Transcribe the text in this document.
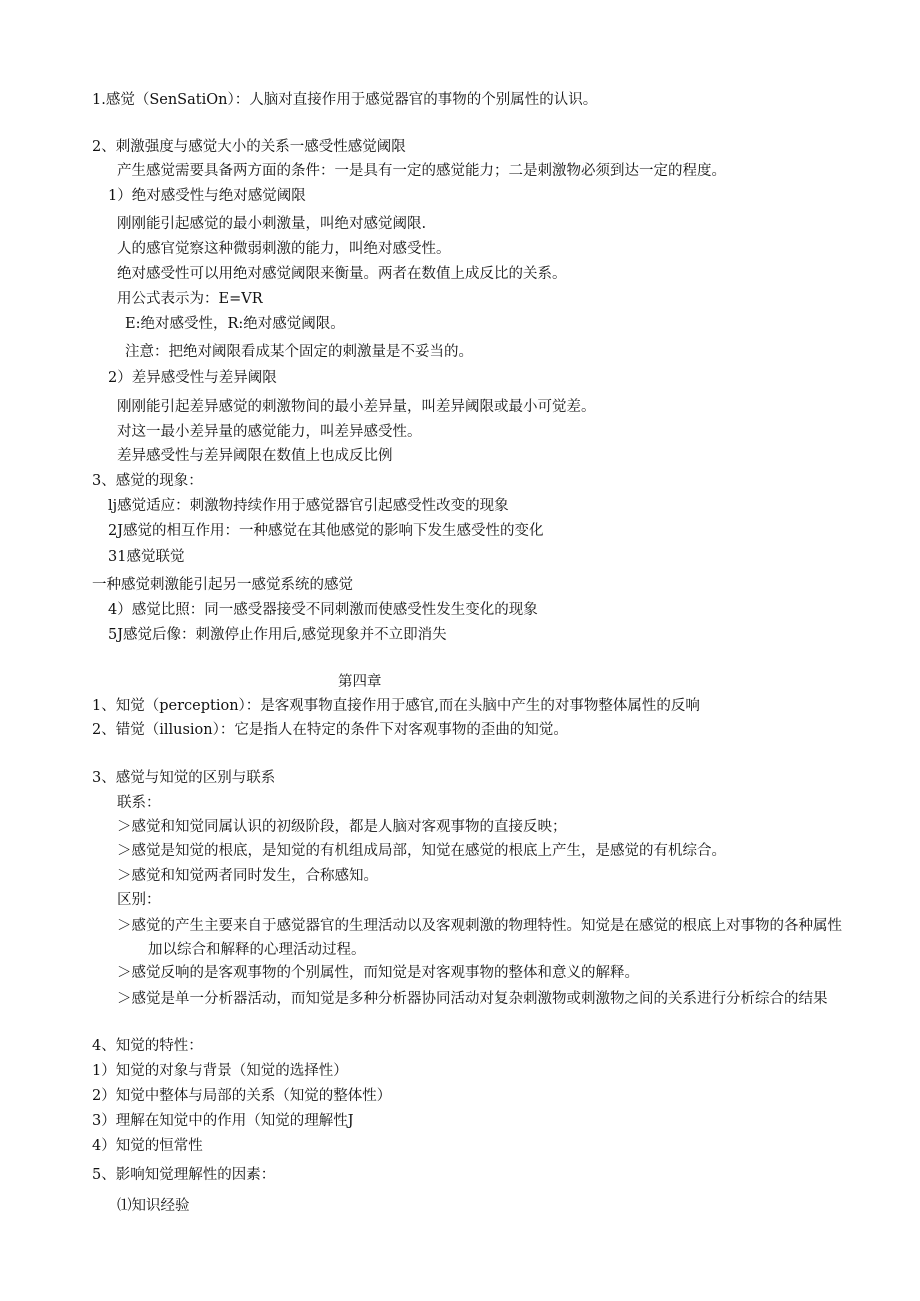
1.感觉（SenSatiOn）：人脑对直接作用于感觉器官的事物的个别属性的认识。
2、刺激强度与感觉大小的关系一感受性感觉阈限
产生感觉需要具备两方面的条件：一是具有一定的感觉能力；二是刺激物必须到达一定的程度。
1）绝对感受性与绝对感觉阈限
刚刚能引起感觉的最小刺激量，叫绝对感觉阈限.
人的感官觉察这种微弱刺激的能力，叫绝对感受性。
绝对感受性可以用绝对感觉阈限来衡量。两者在数值上成反比的关系。
用公式表示为：E=VR
E:绝对感受性，R:绝对感觉阈限。
注意：把绝对阈限看成某个固定的刺激量是不妥当的。
2）差异感受性与差异阈限
刚刚能引起差异感觉的刺激物间的最小差异量，叫差异阈限或最小可觉差。
对这一最小差异量的感觉能力，叫差异感受性。
差异感受性与差异阈限在数值上也成反比例
3、感觉的现象：
lj感觉适应：刺激物持续作用于感觉器官引起感受性改变的现象
2J感觉的相互作用：一种感觉在其他感觉的影响下发生感受性的变化
31感觉联觉
一种感觉刺激能引起另一感觉系统的感觉
4）感觉比照：同一感受器接受不同刺激而使感受性发生变化的现象
5J感觉后像：刺激停止作用后,感觉现象并不立即消失
第四章
1、知觉（perception）：是客观事物直接作用于感官,而在头脑中产生的对事物整体属性的反响
2、错觉（illusion）：它是指人在特定的条件下对客观事物的歪曲的知觉。
3、感觉与知觉的区别与联系
联系：
＞感觉和知觉同属认识的初级阶段，都是人脑对客观事物的直接反映；
＞感觉是知觉的根底，是知觉的有机组成局部，知觉在感觉的根底上产生，是感觉的有机综合。
＞感觉和知觉两者同时发生，合称感知。
区别：
＞感觉的产生主要来自于感觉器官的生理活动以及客观刺激的物理特性。知觉是在感觉的根底上对事物的各种属性加以综合和解释的心理活动过程。
＞感觉反响的是客观事物的个别属性，而知觉是对客观事物的整体和意义的解释。
＞感觉是单一分析器活动，而知觉是多种分析器协同活动对复杂刺激物或刺激物之间的关系进行分析综合的结果
4、知觉的特性：
1）知觉的对象与背景（知觉的选择性）
2）知觉中整体与局部的关系（知觉的整体性）
3）理解在知觉中的作用（知觉的理解性J
4）知觉的恒常性
5、影响知觉理解性的因素：
⑴知识经验
